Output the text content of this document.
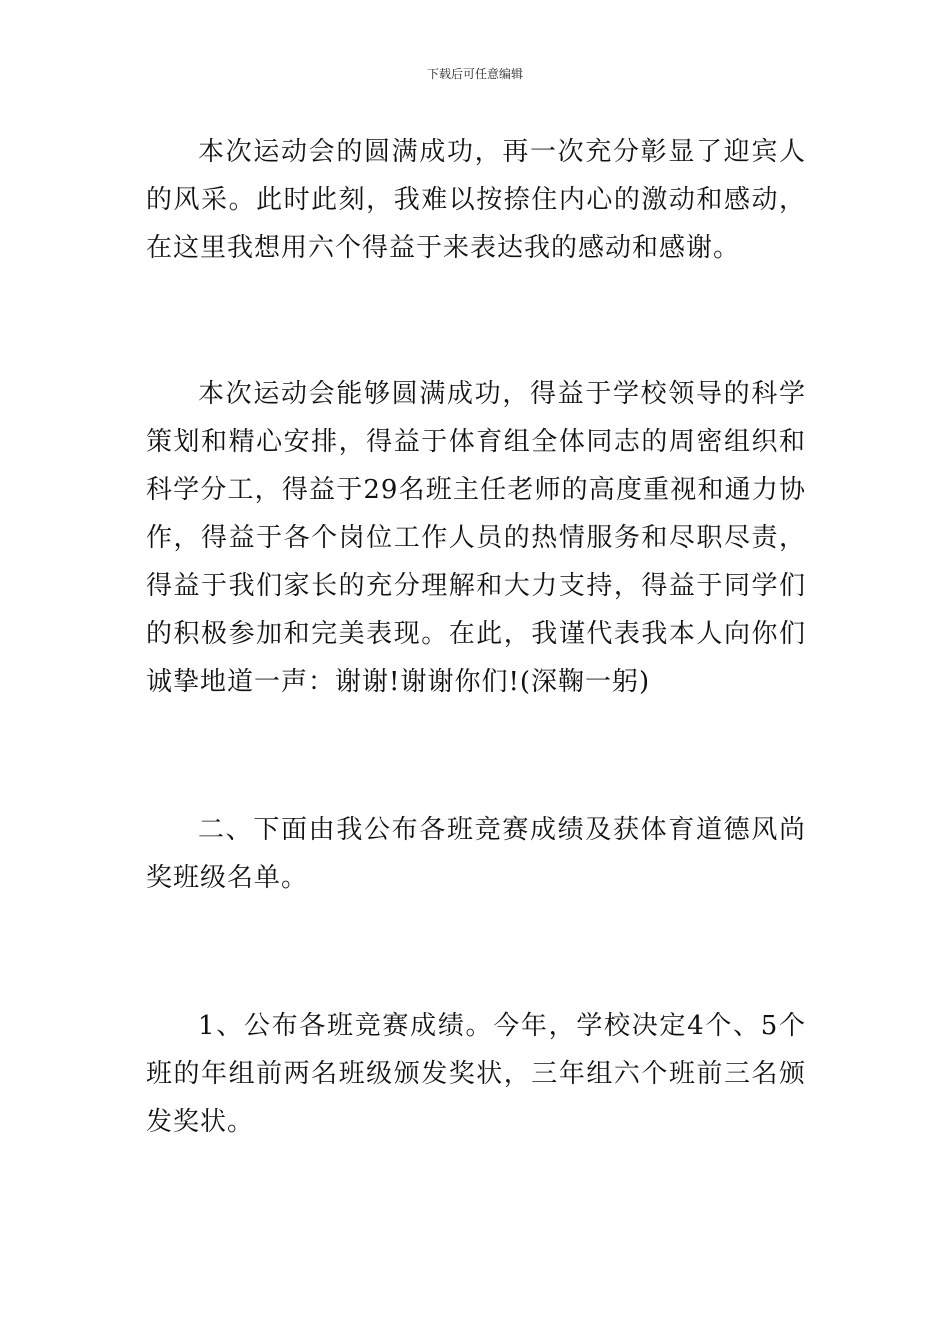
下载后可任意编辑

本次运动会的圆满成功，再一次充分彰显了迎宾人的风采。此时此刻，我难以按捺住内心的激动和感动，在这里我想用六个得益于来表达我的感动和感谢。

本次运动会能够圆满成功，得益于学校领导的科学策划和精心安排，得益于体育组全体同志的周密组织和科学分工，得益于29名班主任老师的高度重视和通力协作，得益于各个岗位工作人员的热情服务和尽职尽责，得益于我们家长的充分理解和大力支持，得益于同学们的积极参加和完美表现。在此，我谨代表我本人向你们诚挚地道一声：谢谢!谢谢你们!(深鞠一躬)

二、下面由我公布各班竞赛成绩及获体育道德风尚奖班级名单。

1、公布各班竞赛成绩。今年，学校决定4个、5个班的年组前两名班级颁发奖状，三年组六个班前三名颁发奖状。
